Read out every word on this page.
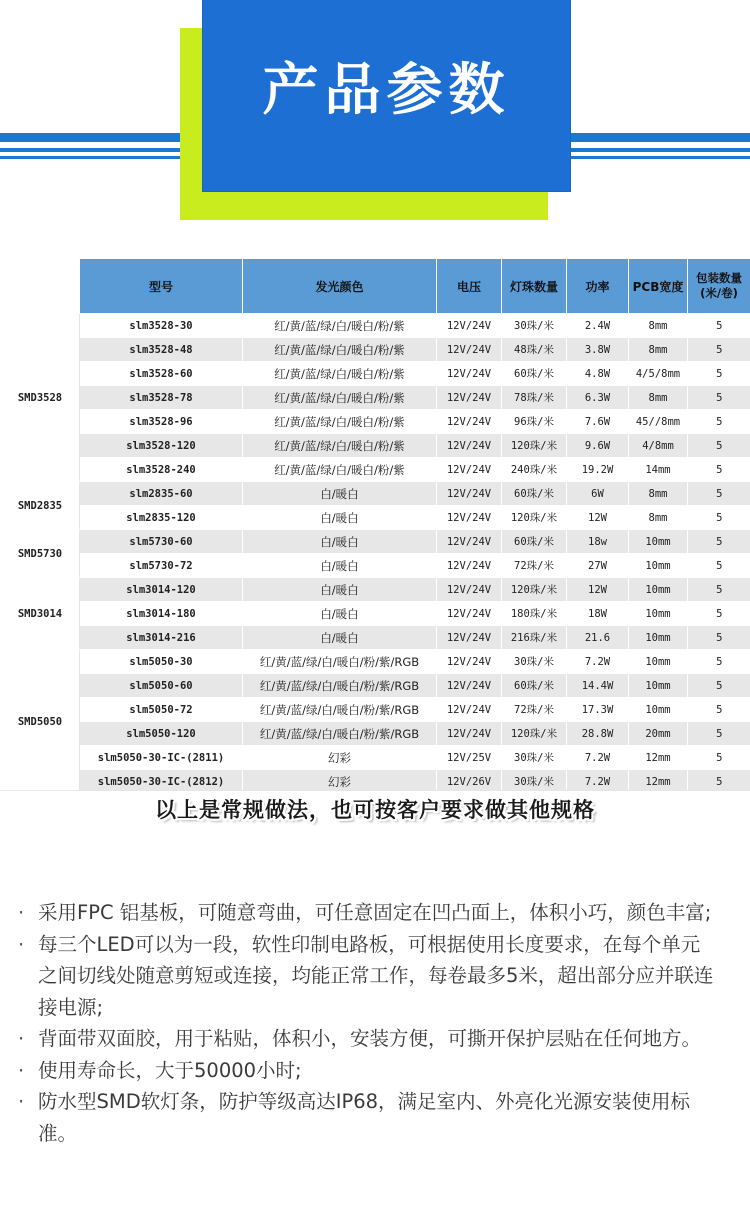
产品参数
	型号	发光颜色	电压	灯珠数量	功率	PCB宽度	包装数量
(米/卷)
SMD3528	slm3528-30	红/黄/蓝/绿/白/暖白/粉/紫	12V/24V	30珠/米	2.4W	8mm	5
	slm3528-48	红/黄/蓝/绿/白/暖白/粉/紫	12V/24V	48珠/米	3.8W	8mm	5
	slm3528-60	红/黄/蓝/绿/白/暖白/粉/紫	12V/24V	60珠/米	4.8W	4/5/8mm	5
	slm3528-78	红/黄/蓝/绿/白/暖白/粉/紫	12V/24V	78珠/米	6.3W	8mm	5
	slm3528-96	红/黄/蓝/绿/白/暖白/粉/紫	12V/24V	96珠/米	7.6W	45//8mm	5
	slm3528-120	红/黄/蓝/绿/白/暖白/粉/紫	12V/24V	120珠/米	9.6W	4/8mm	5
	slm3528-240	红/黄/蓝/绿/白/暖白/粉/紫	12V/24V	240珠/米	19.2W	14mm	5
SMD2835	slm2835-60	白/暖白	12V/24V	60珠/米	6W	8mm	5
	slm2835-120	白/暖白	12V/24V	120珠/米	12W	8mm	5
SMD5730	slm5730-60	白/暖白	12V/24V	60珠/米	18w	10mm	5
	slm5730-72	白/暖白	12V/24V	72珠/米	27W	10mm	5
SMD3014	slm3014-120	白/暖白	12V/24V	120珠/米	12W	10mm	5
	slm3014-180	白/暖白	12V/24V	180珠/米	18W	10mm	5
	slm3014-216	白/暖白	12V/24V	216珠/米	21.6	10mm	5
SMD5050	slm5050-30	红/黄/蓝/绿/白/暖白/粉/紫/RGB	12V/24V	30珠/米	7.2W	10mm	5
	slm5050-60	红/黄/蓝/绿/白/暖白/粉/紫/RGB	12V/24V	60珠/米	14.4W	10mm	5
	slm5050-72	红/黄/蓝/绿/白/暖白/粉/紫/RGB	12V/24V	72珠/米	17.3W	10mm	5
	slm5050-120	红/黄/蓝/绿/白/暖白/粉/紫/RGB	12V/24V	120珠/米	28.8W	20mm	5
	slm5050-30-IC-(2811)	幻彩	12V/25V	30珠/米	7.2W	12mm	5
	slm5050-30-IC-(2812)	幻彩	12V/26V	30珠/米	7.2W	12mm	5
以上是常规做法，也可按客户要求做其他规格
· 采用FPC 铝基板，可随意弯曲，可任意固定在凹凸面上，体积小巧，颜色丰富;
· 每三个LED可以为一段，软性印制电路板，可根据使用长度要求，在每个单元之间切线处随意剪短或连接，均能正常工作，每卷最多5米，超出部分应并联连接电源;
· 背面带双面胶，用于粘贴，体积小，安装方便，可撕开保护层贴在任何地方。
· 使用寿命长，大于50000小时;
· 防水型SMD软灯条，防护等级高达IP68，满足室内、外亮化光源安装使用标准。
